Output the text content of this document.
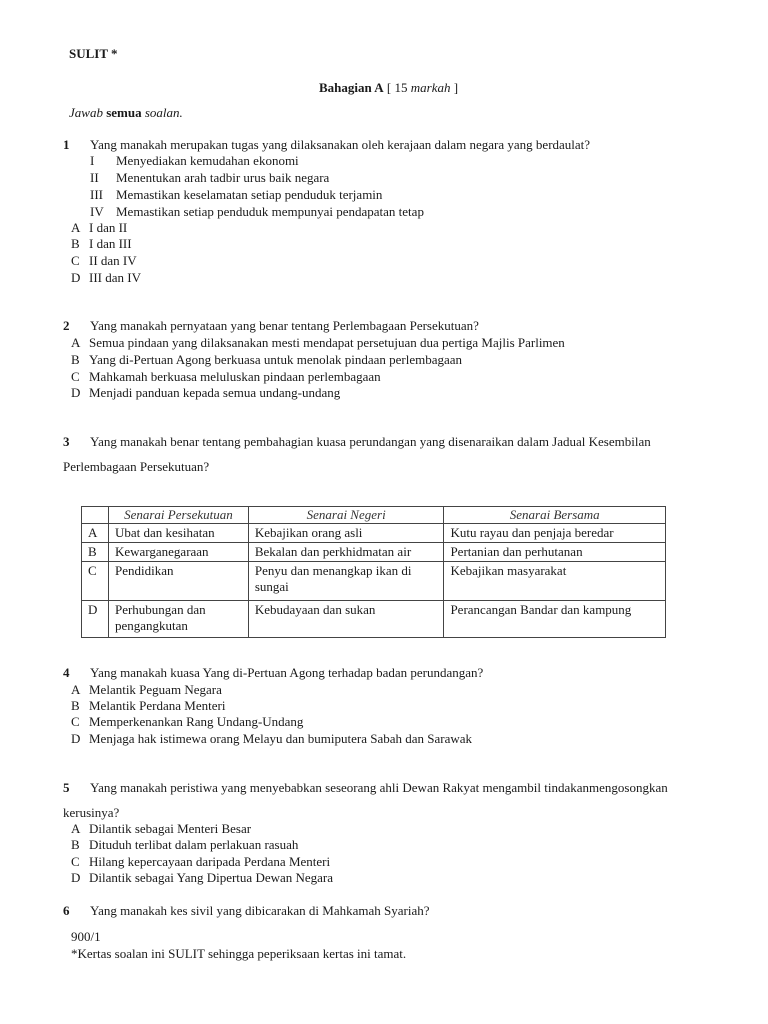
SULIT *
Bahagian A [ 15 markah ]
Jawab semua soalan.
1 Yang manakah merupakan tugas yang dilaksanakan oleh kerajaan dalam negara yang berdaulat?
I Menyediakan kemudahan ekonomi
II Menentukan arah tadbir urus baik negara
III Memastikan keselamatan setiap penduduk terjamin
IV Memastikan setiap penduduk mempunyai pendapatan tetap
A I dan II
B I dan III
C II dan IV
D III dan IV
2 Yang manakah pernyataan yang benar tentang Perlembagaan Persekutuan?
A Semua pindaan yang dilaksanakan mesti mendapat persetujuan dua pertiga Majlis Parlimen
B Yang di-Pertuan Agong berkuasa untuk menolak pindaan perlembagaan
C Mahkamah berkuasa meluluskan pindaan perlembagaan
D Menjadi panduan kepada semua undang-undang
3 Yang manakah benar tentang pembahagian kuasa perundangan yang disenaraikan dalam Jadual Kesembilan
Perlembagaan Persekutuan?
	Senarai Persekutuan	Senarai Negeri	Senarai Bersama
A	Ubat dan kesihatan	Kebajikan orang asli	Kutu rayau dan penjaja beredar
B	Kewarganegaraan	Bekalan dan perkhidmatan air	Pertanian dan perhutanan
C	Pendidikan	Penyu dan menangkap ikan di sungai	Kebajikan masyarakat
D	Perhubungan dan pengangkutan	Kebudayaan dan sukan	Perancangan Bandar dan kampung
4 Yang manakah kuasa Yang di-Pertuan Agong terhadap badan perundangan?
A Melantik Peguam Negara
B Melantik Perdana Menteri
C Memperkenankan Rang Undang-Undang
D Menjaga hak istimewa orang Melayu dan bumiputera Sabah dan Sarawak
5 Yang manakah peristiwa yang menyebabkan seseorang ahli Dewan Rakyat mengambil tindakanmengosongkan
kerusinya?
A Dilantik sebagai Menteri Besar
B Dituduh terlibat dalam perlakuan rasuah
C Hilang kepercayaan daripada Perdana Menteri
D Dilantik sebagai Yang Dipertua Dewan Negara
6 Yang manakah kes sivil yang dibicarakan di Mahkamah Syariah?
900/1
*Kertas soalan ini SULIT sehingga peperiksaan kertas ini tamat.
